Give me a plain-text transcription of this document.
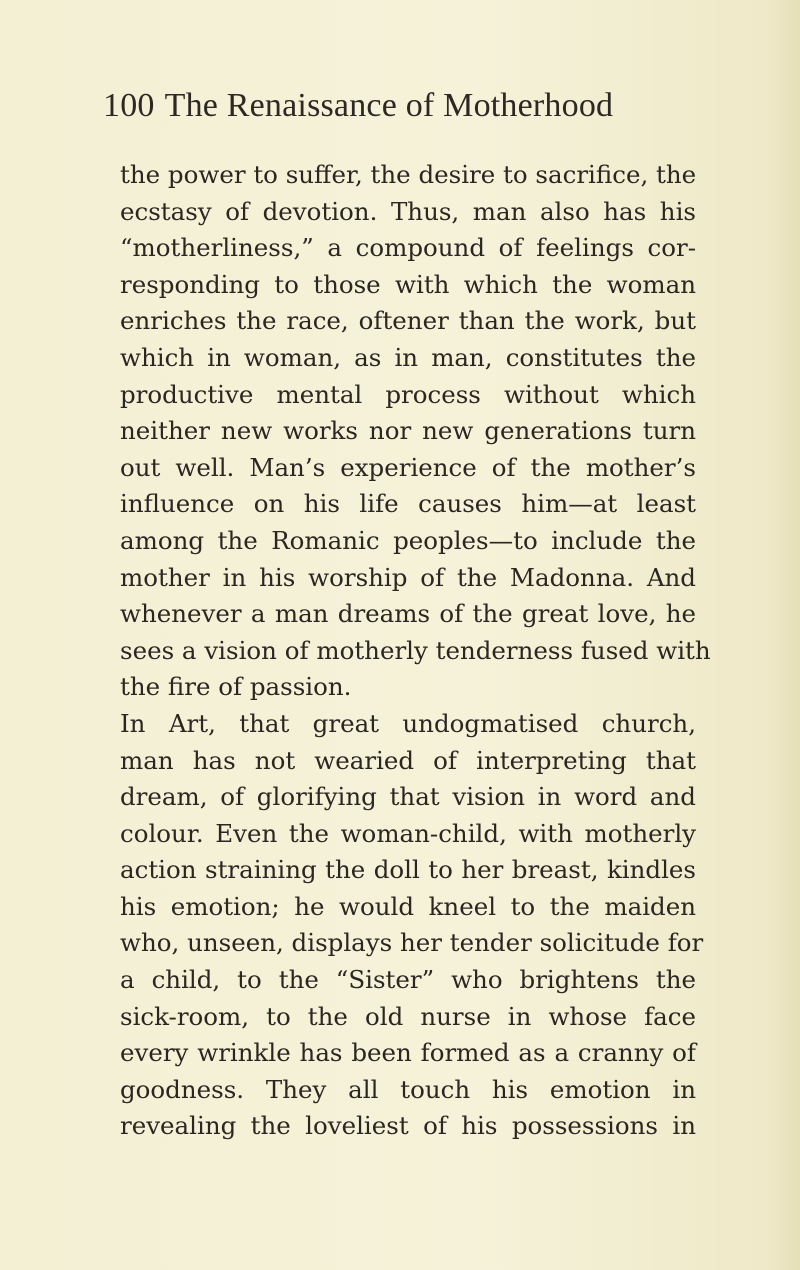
100 The Renaissance of Motherhood
the power to suffer, the desire to sacrifice, the
ecstasy of devotion. Thus, man also has his
“motherliness,” a compound of feelings cor-
responding to those with which the woman
enriches the race, oftener than the work, but
which in woman, as in man, constitutes the
productive mental process without which
neither new works nor new generations turn
out well. Man’s experience of the mother’s
influence on his life causes him—at least
among the Romanic peoples—to include the
mother in his worship of the Madonna. And
whenever a man dreams of the great love, he
sees a vision of motherly tenderness fused with
the fire of passion.
In Art, that great undogmatised church,
man has not wearied of interpreting that
dream, of glorifying that vision in word and
colour. Even the woman-child, with motherly
action straining the doll to her breast, kindles
his emotion; he would kneel to the maiden
who, unseen, displays her tender solicitude for
a child, to the “Sister” who brightens the
sick-room, to the old nurse in whose face
every wrinkle has been formed as a cranny of
goodness. They all touch his emotion in
revealing the loveliest of his possessions in
